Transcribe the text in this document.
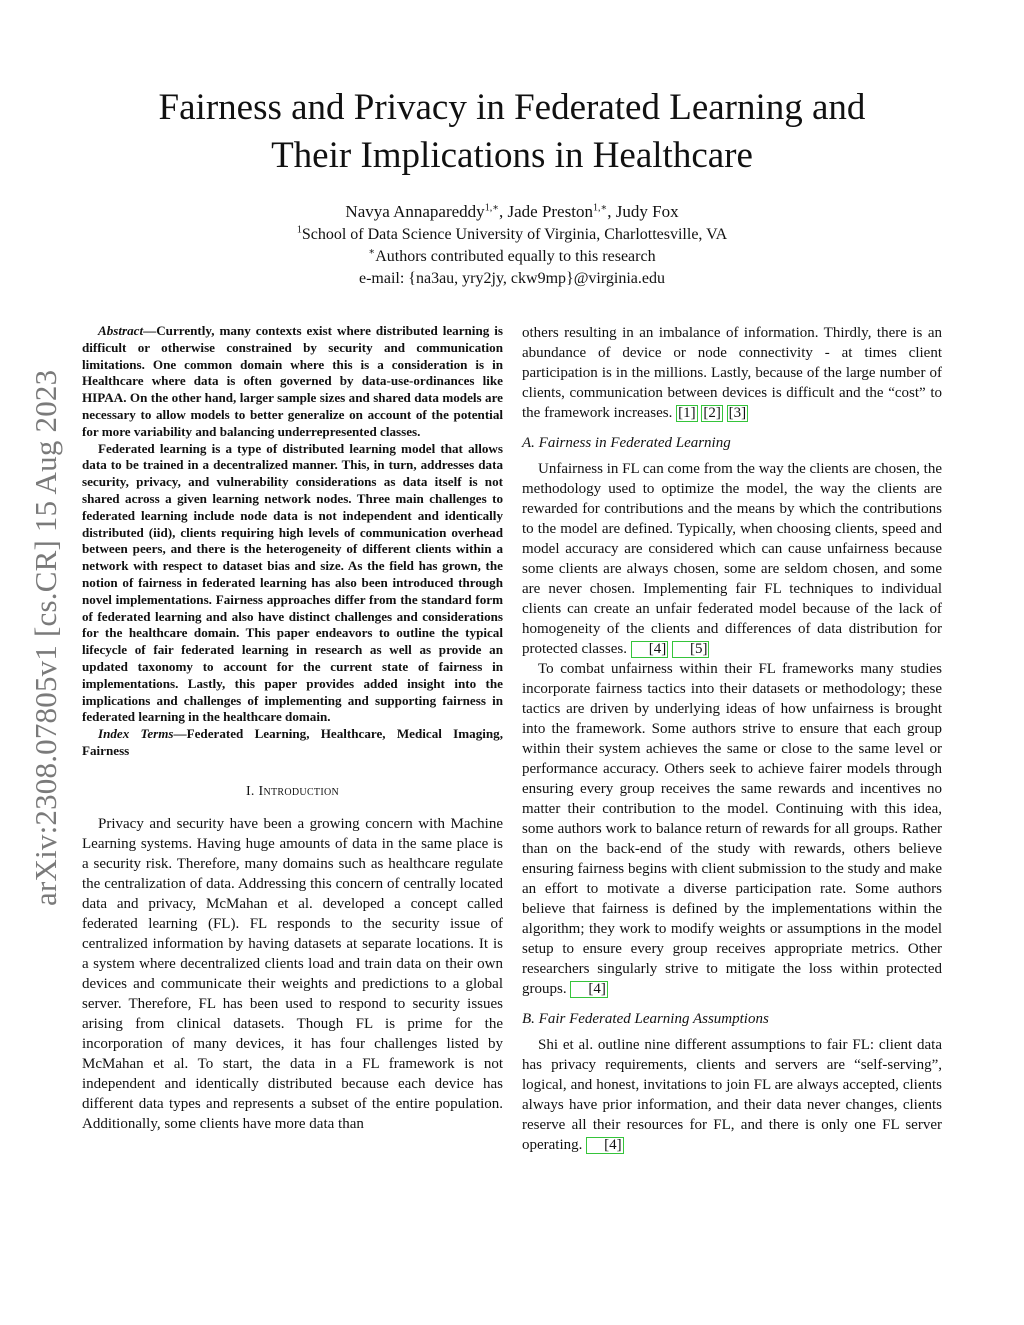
arXiv:2308.07805v1 [cs.CR] 15 Aug 2023
Fairness and Privacy in Federated Learning and
Their Implications in Healthcare
Navya Annapareddy$^{1,∗}$, Jade Preston$^{1,∗}$, Judy Fox
$^1$School of Data Science University of Virginia, Charlottesville, VA
∗Authors contributed equally to this research
e-mail: {na3au, yry2jy, ckw9mp}@virginia.edu

Abstract—Currently, many contexts exist where distributed learning is difficult or otherwise constrained by security and communication limitations. One common domain where this is a consideration is in Healthcare where data is often governed by data-use-ordinances like HIPAA. On the other hand, larger sample sizes and shared data models are necessary to allow models to better generalize on account of the potential for more variability and balancing underrepresented classes.

Federated learning is a type of distributed learning model that allows data to be trained in a decentralized manner. This, in turn, addresses data security, privacy, and vulnerability considerations as data itself is not shared across a given learning network nodes. Three main challenges to federated learning include node data is not independent and identically distributed (iid), clients requiring high levels of communication overhead between peers, and there is the heterogeneity of different clients within a network with respect to dataset bias and size. As the field has grown, the notion of fairness in federated learning has also been introduced through novel implementations. Fairness approaches differ from the standard form of federated learning and also have distinct challenges and considerations for the healthcare domain. This paper endeavors to outline the typical lifecycle of fair federated learning in research as well as provide an updated taxonomy to account for the current state of fairness in implementations. Lastly, this paper provides added insight into the implications and challenges of implementing and supporting fairness in federated learning in the healthcare domain.

Index Terms—Federated Learning, Healthcare, Medical Imaging, Fairness

I. Introduction

Privacy and security have been a growing concern with Machine Learning systems. Having huge amounts of data in the same place is a security risk. Therefore, many domains such as healthcare regulate the centralization of data. Addressing this concern of centrally located data and privacy, McMahan et al. developed a concept called federated learning (FL). FL responds to the security issue of centralized information by having datasets at separate locations. It is a system where decentralized clients load and train data on their own devices and communicate their weights and predictions to a global server. Therefore, FL has been used to respond to security issues arising from clinical datasets. Though FL is prime for the incorporation of many devices, it has four challenges listed by McMahan et al. To start, the data in a FL framework is not independent and identically distributed because each device has different data types and represents a subset of the entire population. Additionally, some clients have more data than

others resulting in an imbalance of information. Thirdly, there is an abundance of device or node connectivity - at times client participation is in the millions. Lastly, because of the large number of clients, communication between devices is difficult and the “cost” to the framework increases. [1] [2] [3]

A. Fairness in Federated Learning

Unfairness in FL can come from the way the clients are chosen, the methodology used to optimize the model, the way the clients are rewarded for contributions and the means by which the contributions to the model are defined. Typically, when choosing clients, speed and model accuracy are considered which can cause unfairness because some clients are always chosen, some are seldom chosen, and some are never chosen. Implementing fair FL techniques to individual clients can create an unfair federated model because of the lack of homogeneity of the clients and differences of data distribution for protected classes. [4] [5]

To combat unfairness within their FL frameworks many studies incorporate fairness tactics into their datasets or methodology; these tactics are driven by underlying ideas of how unfairness is brought into the framework. Some authors strive to ensure that each group within their system achieves the same or close to the same level or performance accuracy. Others seek to achieve fairer models through ensuring every group receives the same rewards and incentives no matter their contribution to the model. Continuing with this idea, some authors work to balance return of rewards for all groups. Rather than on the back-end of the study with rewards, others believe ensuring fairness begins with client submission to the study and make an effort to motivate a diverse participation rate. Some authors believe that fairness is defined by the implementations within the algorithm; they work to modify weights or assumptions in the model setup to ensure every group receives appropriate metrics. Other researchers singularly strive to mitigate the loss within protected groups. [4]

B. Fair Federated Learning Assumptions

Shi et al. outline nine different assumptions to fair FL: client data has privacy requirements, clients and servers are “self-serving”, logical, and honest, invitations to join FL are always accepted, clients always have prior information, and their data never changes, clients reserve all their resources for FL, and there is only one FL server operating. [4]
